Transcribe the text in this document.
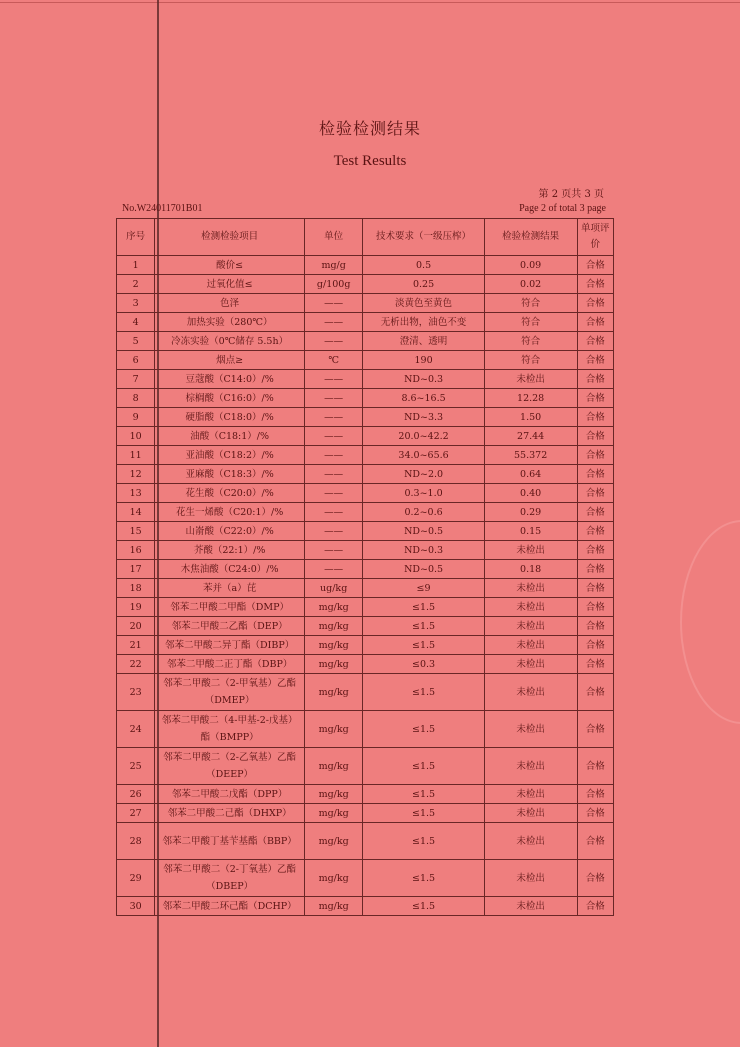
检验检测结果
Test Results
第 2 页共 3 页
No.W24011701B01	Page 2 of total 3 page
序号	检测检验项目	单位	技术要求（一级压榨）	检验检测结果	单项评价
1	酸价≤	mg/g	0.5	0.09	合格
2	过氧化值≤	g/100g	0.25	0.02	合格
3	色泽	——	淡黄色至黄色	符合	合格
4	加热实验（280℃）	——	无析出物，油色不变	符合	合格
5	冷冻实验（0℃储存 5.5h）	——	澄清、透明	符合	合格
6	烟点≥	℃	190	符合	合格
7	豆蔻酸（C14:0）/%	——	ND~0.3	未检出	合格
8	棕榈酸（C16:0）/%	——	8.6~16.5	12.28	合格
9	硬脂酸（C18:0）/%	——	ND~3.3	1.50	合格
10	油酸（C18:1）/%	——	20.0~42.2	27.44	合格
11	亚油酸（C18:2）/%	——	34.0~65.6	55.372	合格
12	亚麻酸（C18:3）/%	——	ND~2.0	0.64	合格
13	花生酸（C20:0）/%	——	0.3~1.0	0.40	合格
14	花生一烯酸（C20:1）/%	——	0.2~0.6	0.29	合格
15	山嵛酸（C22:0）/%	——	ND~0.5	0.15	合格
16	芥酸（22:1）/%	——	ND~0.3	未检出	合格
17	木焦油酸（C24:0）/%	——	ND~0.5	0.18	合格
18	苯并（a）芘	ug/kg	≤9	未检出	合格
19	邻苯二甲酸二甲酯（DMP）	mg/kg	≤1.5	未检出	合格
20	邻苯二甲酸二乙酯（DEP）	mg/kg	≤1.5	未检出	合格
21	邻苯二甲酸二异丁酯（DIBP）	mg/kg	≤1.5	未检出	合格
22	邻苯二甲酸二正丁酯（DBP）	mg/kg	≤0.3	未检出	合格
23	邻苯二甲酸二（2-甲氧基）乙酯（DMEP）	mg/kg	≤1.5	未检出	合格
24	邻苯二甲酸二（4-甲基-2-戊基）酯（BMPP）	mg/kg	≤1.5	未检出	合格
25	邻苯二甲酸二（2-乙氧基）乙酯（DEEP）	mg/kg	≤1.5	未检出	合格
26	邻苯二甲酸二戊酯（DPP）	mg/kg	≤1.5	未检出	合格
27	邻苯二甲酸二己酯（DHXP）	mg/kg	≤1.5	未检出	合格
28	邻苯二甲酸丁基苄基酯（BBP）	mg/kg	≤1.5	未检出	合格
29	邻苯二甲酸二（2-丁氧基）乙酯（DBEP）	mg/kg	≤1.5	未检出	合格
30	邻苯二甲酸二环己酯（DCHP）	mg/kg	≤1.5	未检出	合格
